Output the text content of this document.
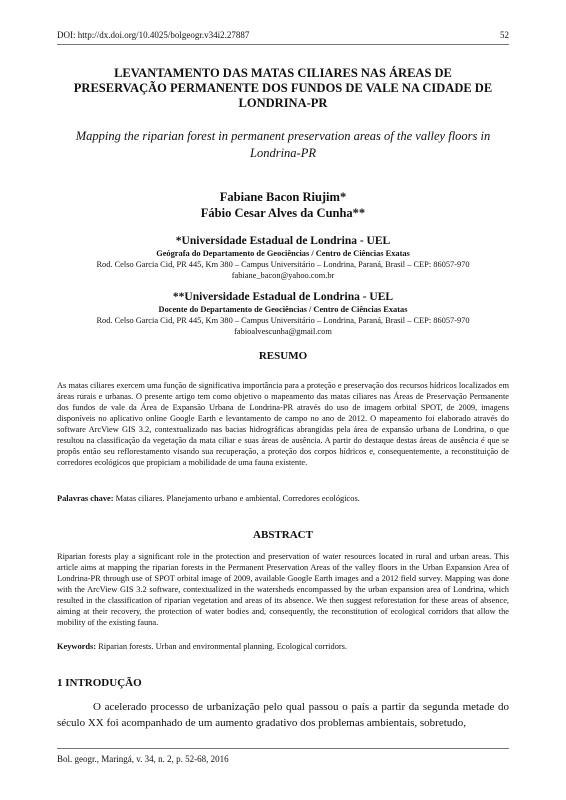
DOI: http://dx.doi.org/10.4025/bolgeogr.v34i2.27887	52
LEVANTAMENTO DAS MATAS CILIARES NAS ÁREAS DE PRESERVAÇÃO PERMANENTE DOS FUNDOS DE VALE NA CIDADE DE LONDRINA-PR
Mapping the riparian forest in permanent preservation areas of the valley floors in Londrina-PR
Fabiane Bacon Riujim*
Fábio Cesar Alves da Cunha**
*Universidade Estadual de Londrina - UEL
Geógrafa do Departamento de Geociências / Centro de Ciências Exatas
Rod. Celso Garcia Cid, PR 445, Km 380 – Campus Universitário – Londrina, Paraná, Brasil – CEP: 86057-970
fabiane_bacon@yahoo.com.br
**Universidade Estadual de Londrina - UEL
Docente do Departamento de Geociências / Centro de Ciências Exatas
Rod. Celso Garcia Cid, PR 445, Km 380 – Campus Universitário – Londrina, Paraná, Brasil – CEP: 86057-970
fabioalvescunha@gmail.com
RESUMO
As matas ciliares exercem uma função de significativa importância para a proteção e preservação dos recursos hídricos localizados em áreas rurais e urbanas. O presente artigo tem como objetivo o mapeamento das matas ciliares nas Áreas de Preservação Permanente dos fundos de vale da Área de Expansão Urbana de Londrina-PR através do uso de imagem orbital SPOT, de 2009, imagens disponíveis no aplicativo online Google Earth e levantamento de campo no ano de 2012. O mapeamento foi elaborado através do software ArcView GIS 3.2, contextualizado nas bacias hidrográficas abrangidas pela área de expansão urbana de Londrina, o que resultou na classificação da vegetação da mata ciliar e suas áreas de ausência. A partir do destaque destas áreas de ausência é que se propôs então seu reflorestamento visando sua recuperação, a proteção dos corpos hídricos e, consequentemente, a reconstituição de corredores ecológicos que propiciam a mobilidade de uma fauna existente.
Palavras chave: Matas ciliares. Planejamento urbano e ambiental. Corredores ecológicos.
ABSTRACT
Riparian forests play a significant role in the protection and preservation of water resources located in rural and urban areas. This article aims at mapping the riparian forests in the Permanent Preservation Areas of the valley floors in the Urban Expansion Area of Londrina-PR through use of SPOT orbital image of 2009, available Google Earth images and a 2012 field survey. Mapping was done with the ArcView GIS 3.2 software, contextualized in the watersheds encompassed by the urban expansion area of Londrina, which resulted in the classification of riparian vegetation and areas of its absence. We then suggest reforestation for these areas of absence, aiming at their recovery, the protection of water bodies and, consequently, the reconstitution of ecological corridors that allow the mobility of the existing fauna.
Keywords: Riparian forests. Urban and environmental planning. Ecological corridors.
1 INTRODUÇÃO
O acelerado processo de urbanização pelo qual passou o país a partir da segunda metade do século XX foi acompanhado de um aumento gradativo dos problemas ambientais, sobretudo,
Bol. geogr., Maringá, v. 34, n. 2, p. 52-68, 2016
